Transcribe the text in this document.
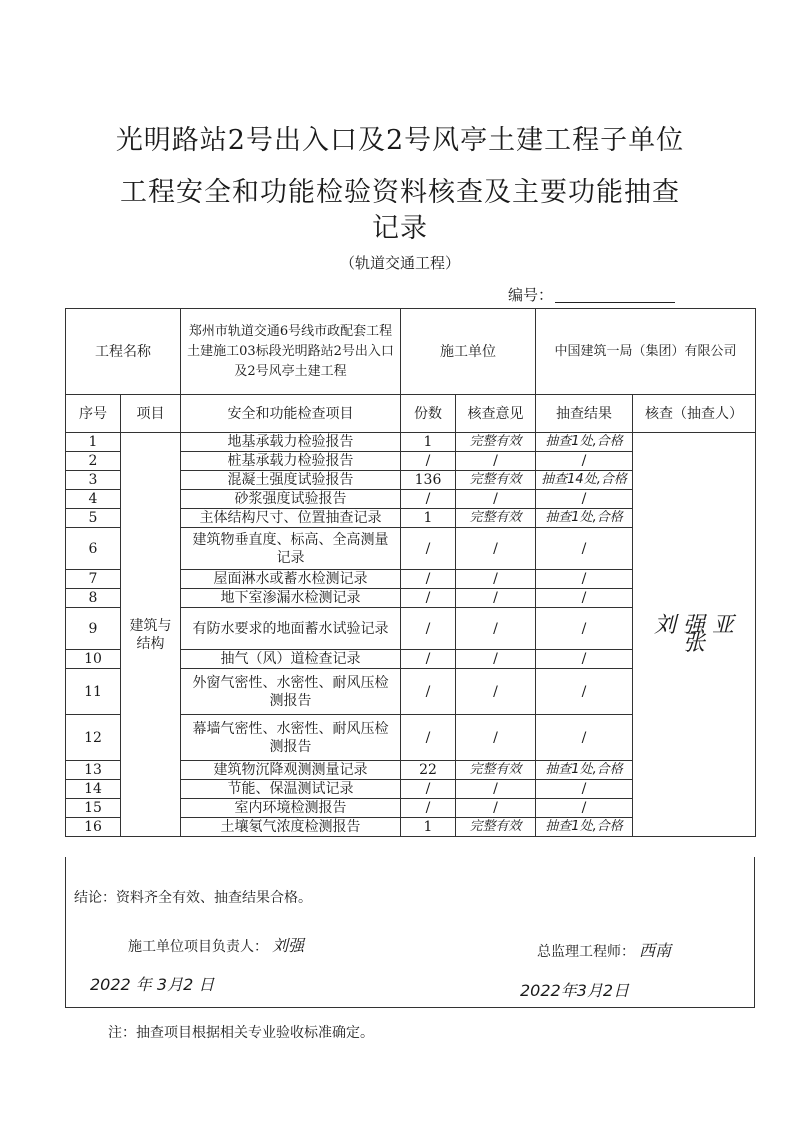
光明路站2号出入口及2号风亭土建工程子单位
工程安全和功能检验资料核查及主要功能抽查
记录
（轨道交通工程）
编号：
工程名称		郑州市轨道交通6号线市政配套工程土建施工03标段光明路站2号出入口及2号风亭土建工程	施工单位		中国建筑一局（集团）有限公司	
序号	项目	安全和功能检查项目	份数	核查意见	抽查结果	核查（抽查人）
1	建筑与结构	地基承载力检验报告	1	完整有效	抽查1处,合格	刘 强 亚 张
2		桩基承载力检验报告	/	/	/	
3		混凝土强度试验报告	136	完整有效	抽查14处,合格	
4		砂浆强度试验报告	/	/	/	
5		主体结构尺寸、位置抽查记录	1	完整有效	抽查1处,合格	
6		建筑物垂直度、标高、全高测量记录	/	/	/	
7		屋面淋水或蓄水检测记录	/	/	/	
8		地下室渗漏水检测记录	/	/	/	
9		有防水要求的地面蓄水试验记录	/	/	/	
10		抽气（风）道检查记录	/	/	/	
11		外窗气密性、水密性、耐风压检测报告	/	/	/	
12		幕墙气密性、水密性、耐风压检测报告	/	/	/	
13		建筑物沉降观测测量记录	22	完整有效	抽查1处,合格	
14		节能、保温测试记录	/	/	/	
15		室内环境检测报告	/	/	/	
16		土壤氡气浓度检测报告	1	完整有效	抽查1处,合格	
结论：资料齐全有效、抽查结果合格。
施工单位项目负责人： 刘强	总监理工程师： 西南
2022 年 3月2 日	2022年3月2日
注：抽查项目根据相关专业验收标准确定。
